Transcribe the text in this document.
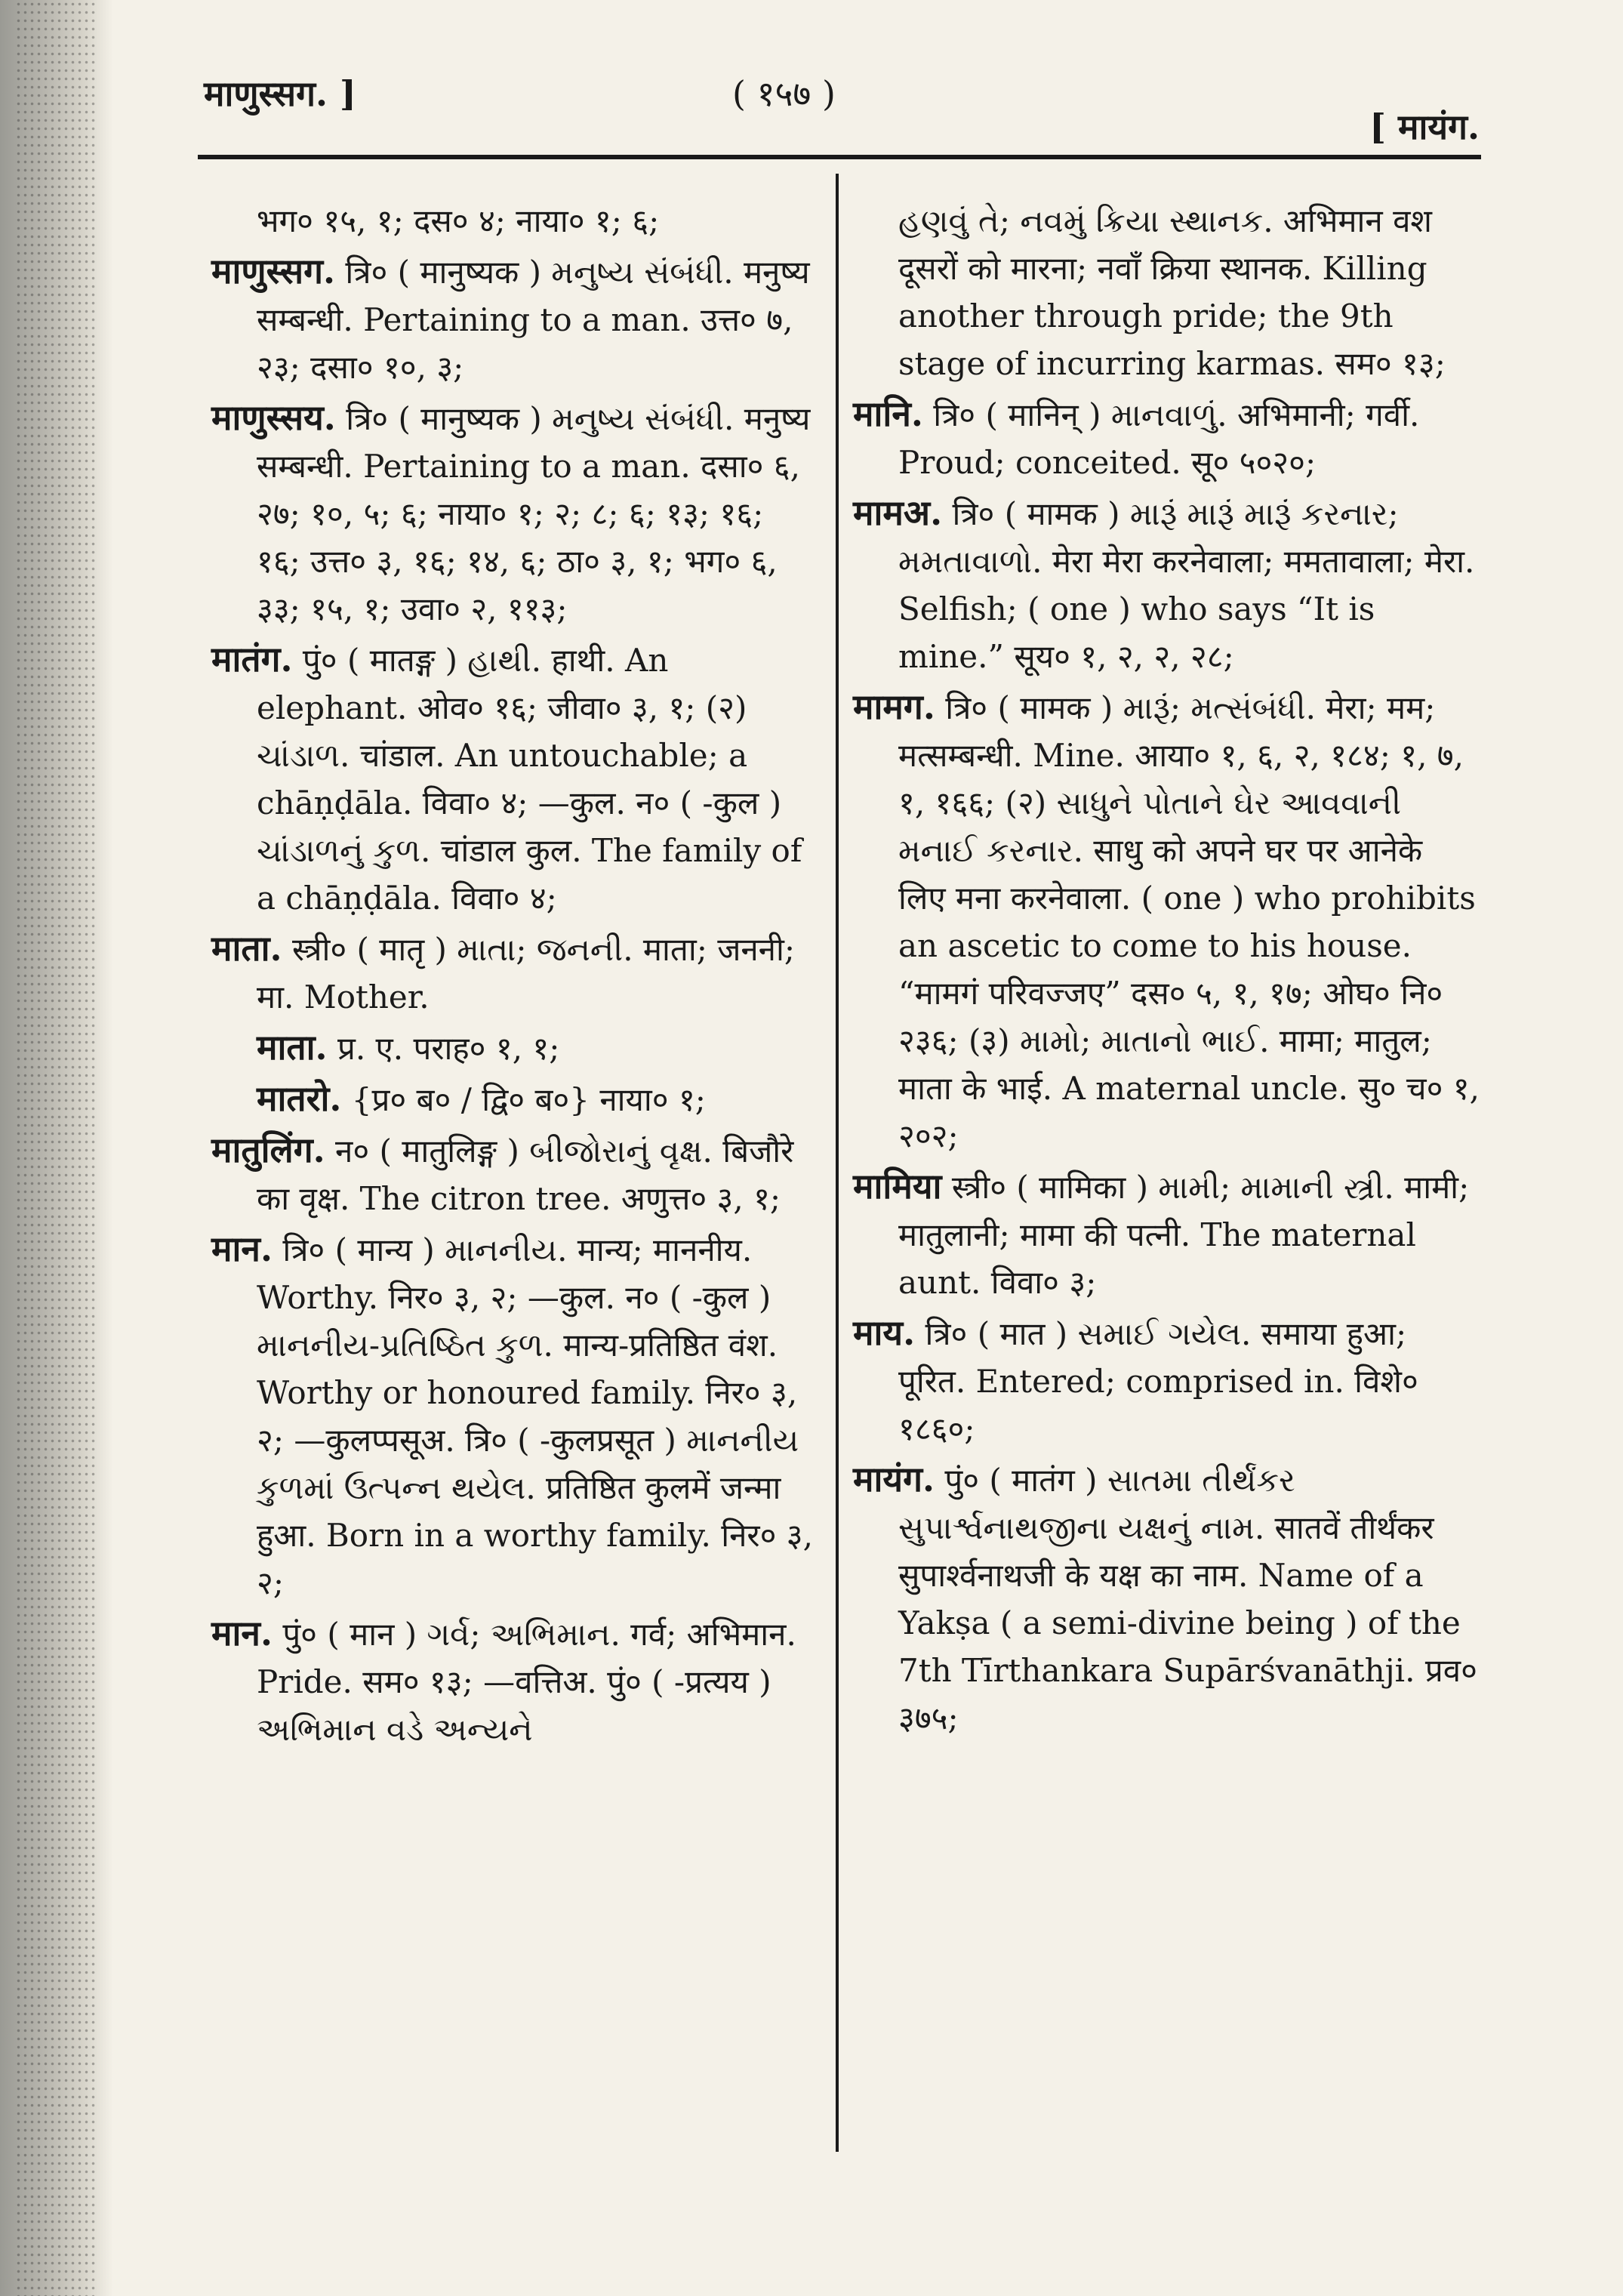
माणुस्सग. ]	( १५७ )
[ मायंग.

भग० १५, १; दस० ४; नाया० १; ६;

माणुस्सग. त्रि० ( मानुष्यक ) મનુષ્ય સંબંધી. मनुष्य सम्बन्धी. Pertaining to a man. उत्त० ७, २३; दसा० १०, ३;

माणुस्सय. त्रि० ( मानुष्यक ) મનુષ્ય સંબંધી. मनुष्य सम्बन्धी. Pertaining to a man. दसा० ६, २७; १०, ५; ६; नाया० १; २; ८; ६; १३; १६; १६; उत्त० ३, १६; १४, ६; ठा० ३, १; भग० ६, ३३; १५, १; उवा० २, ११३;

मातंग. पुं० ( मातङ्ग ) હાથી. हाथी. An elephant. ओव० १६; जीवा० ३, १; (२) ચાંડાળ. चांडाल. An untouchable; a chāṇḍāla. विवा० ४; —कुल. न० ( -कुल ) ચાંડાળનું કુળ. चांडाल कुल. The family of a chāṇḍāla. विवा० ४;

माता. स्त्री० ( मातृ ) માતા; જનની. माता; जननी; मा. Mother.

माता. प्र. ए. पराह० १, १;

मातरो. {प्र० ब० / द्वि० ब०} नाया० १;

मातुलिंग. न० ( मातुलिङ्ग ) બીજોરાનું વૃક્ષ. बिजौरे का वृक्ष. The citron tree. अणुत्त० ३, १;

मान. त्रि० ( मान्य ) માનનીય. मान्य; माननीय. Worthy. निर० ३, २; —कुल. न० ( -कुल ) માનનીય-પ્રતિષ્ઠિત કુળ. मान्य-प्रतिष्ठित वंश. Worthy or honoured family. निर० ३, २; —कुलप्पसूअ. त्रि० ( -कुलप्रसूत ) માનનીય કુળમાં ઉત્પન્ન થયેલ. प्रतिष्ठित कुलमें जन्मा हुआ. Born in a worthy family. निर० ३, २;

मान. पुं० ( मान ) ગર્વ; અભિમાન. गर्व; अभिमान. Pride. सम० १३; —वत्तिअ. पुं० ( -प्रत्यय ) અભિમાન વડે અન્યને

હણવું તે; નવમું ક્રિયા સ્થાનક. अभिमान वश दूसरों को मारना; नवाँ क्रिया स्थानक. Killing another through pride; the 9th stage of incurring karmas. सम० १३;

मानि. त्रि० ( मानिन् ) માનવાળું. अभिमानी; गर्वी. Proud; conceited. सू० ५०२०;

मामअ. त्रि० ( मामक ) મારૂં મારૂં મારૂં કરનાર; મમતાવાળો. मेरा मेरा करनेवाला; ममतावाला; मेरा. Selfish; ( one ) who says “It is mine.” सूय० १, २, २, २८;

मामग. त्रि० ( मामक ) મારૂં; મત્સંબંધી. मेरा; मम; मत्सम्बन्धी. Mine. आया० १, ६, २, १८४; १, ७, १, १६६; (२) સાધુને પોતાને ઘેર આવવાની મનાઈ કરનાર. साधु को अपने घर पर आनेके लिए मना करनेवाला. ( one ) who prohibits an ascetic to come to his house. “मामगं परिवज्जए” दस० ५, १, १७; ओघ० नि० २३६; (३) મામો; માતાનો ભાઈ. मामा; मातुल; माता के भाई. A maternal uncle. सु० च० १, २०२;

मामिया स्त्री० ( मामिका ) મામી; મામાની સ્ત્રી. मामी; मातुलानी; मामा की पत्नी. The maternal aunt. विवा० ३;

माय. त्रि० ( मात ) સમાઈ ગયેલ. समाया हुआ; पूरित. Entered; comprised in. विशे० १८६०;

मायंग. पुं० ( मातंग ) સાતમા તીર્થંકર સુપાર્શ્વનાથજીના યક્ષનું નામ. सातवें तीर्थंकर सुपार्श्वनाथजी के यक्ष का नाम. Name of a Yakṣa ( a semi-divine being ) of the 7th Tīrthankara Supārśvanāthji. प्रव० ३७५;
